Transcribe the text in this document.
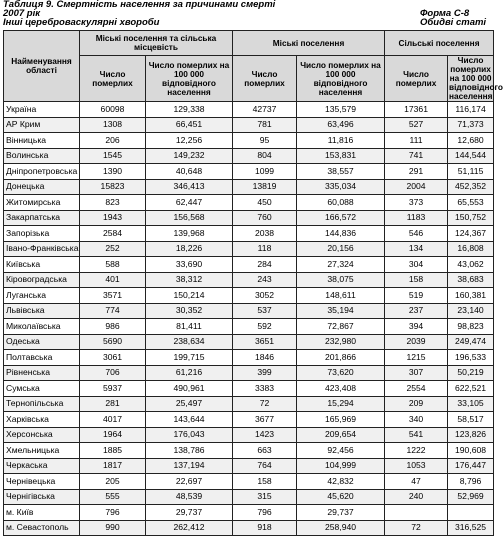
Таблиця 9. Смертність населення за причинами смерті
2007 рік
Інші цереброваскулярні хвороби
Форма С-8
Обидві статі
Найменування області	Міські поселення та сільська місцевість		Міські поселення		Сільські поселення	
	Число померлих	Число померлих на 100 000 відповідного населення	Число померлих	Число померлих на 100 000 відповідного населення	Число померлих	Число померлих на 100 000 відповідного населення
Україна	60098	129,338	42737	135,579	17361	116,174
АР Крим	1308	66,451	781	63,496	527	71,373
Вінницька	206	12,256	95	11,816	111	12,680
Волинська	1545	149,232	804	153,831	741	144,544
Дніпропетровська	1390	40,648	1099	38,557	291	51,115
Донецька	15823	346,413	13819	335,034	2004	452,352
Житомирська	823	62,447	450	60,088	373	65,553
Закарпатська	1943	156,568	760	166,572	1183	150,752
Запорізька	2584	139,968	2038	144,836	546	124,367
Івано-Франківська	252	18,226	118	20,156	134	16,808
Київська	588	33,690	284	27,324	304	43,062
Кіровоградська	401	38,312	243	38,075	158	38,683
Луганська	3571	150,214	3052	148,611	519	160,381
Львівська	774	30,352	537	35,194	237	23,140
Миколаївська	986	81,411	592	72,867	394	98,823
Одеська	5690	238,634	3651	232,980	2039	249,474
Полтавська	3061	199,715	1846	201,866	1215	196,533
Рівненська	706	61,216	399	73,620	307	50,219
Сумська	5937	490,961	3383	423,408	2554	622,521
Тернопільська	281	25,497	72	15,294	209	33,105
Харківська	4017	143,644	3677	165,969	340	58,517
Херсонська	1964	176,043	1423	209,654	541	123,826
Хмельницька	1885	138,786	663	92,456	1222	190,608
Черкаська	1817	137,194	764	104,999	1053	176,447
Чернівецька	205	22,697	158	42,832	47	8,796
Чернігівська	555	48,539	315	45,620	240	52,969
м. Київ	796	29,737	796	29,737		
м. Севастополь	990	262,412	918	258,940	72	316,525
